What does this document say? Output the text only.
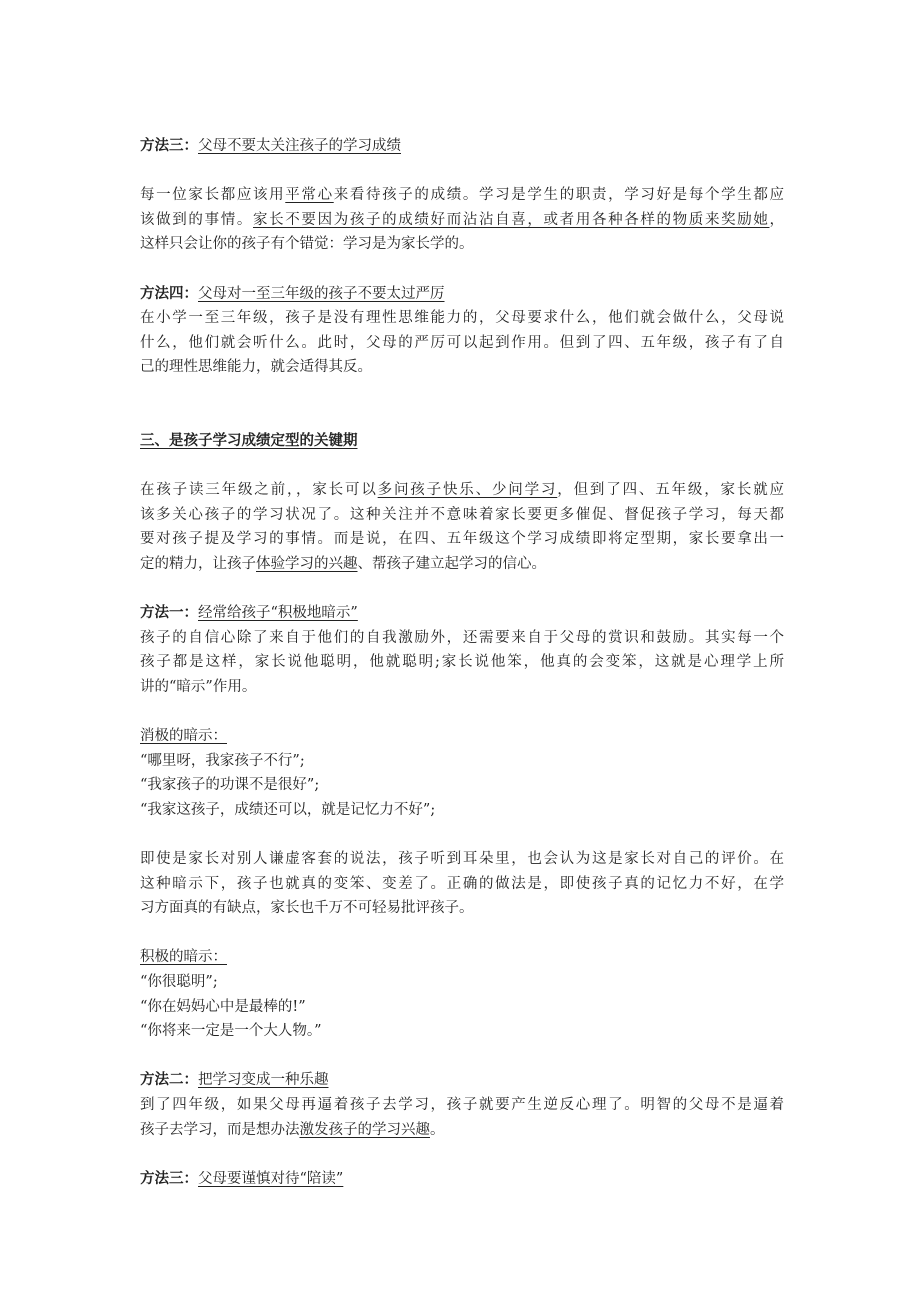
方法三：父母不要太关注孩子的学习成绩
每一位家长都应该用平常心来看待孩子的成绩。学习是学生的职责，学习好是每个学生都应
该做到的事情。家长不要因为孩子的成绩好而沾沾自喜，或者用各种各样的物质来奖励她，
这样只会让你的孩子有个错觉：学习是为家长学的。
方法四：父母对一至三年级的孩子不要太过严厉
在小学一至三年级，孩子是没有理性思维能力的，父母要求什么，他们就会做什么，父母说
什么，他们就会听什么。此时，父母的严厉可以起到作用。但到了四、五年级，孩子有了自
己的理性思维能力，就会适得其反。
三、是孩子学习成绩定型的关键期
在孩子读三年级之前，，家长可以多问孩子快乐、少问学习，但到了四、五年级，家长就应
该多关心孩子的学习状况了。这种关注并不意味着家长要更多催促、督促孩子学习，每天都
要对孩子提及学习的事情。而是说，在四、五年级这个学习成绩即将定型期，家长要拿出一
定的精力，让孩子体验学习的兴趣、帮孩子建立起学习的信心。
方法一：经常给孩子“积极地暗示”
孩子的自信心除了来自于他们的自我激励外，还需要来自于父母的赏识和鼓励。其实每一个
孩子都是这样，家长说他聪明，他就聪明;家长说他笨，他真的会变笨，这就是心理学上所
讲的“暗示”作用。
消极的暗示：
“哪里呀，我家孩子不行”;
“我家孩子的功课不是很好”;
“我家这孩子，成绩还可以，就是记忆力不好”;
即使是家长对别人谦虚客套的说法，孩子听到耳朵里，也会认为这是家长对自己的评价。在
这种暗示下，孩子也就真的变笨、变差了。正确的做法是，即使孩子真的记忆力不好，在学
习方面真的有缺点，家长也千万不可轻易批评孩子。
积极的暗示：
“你很聪明”;
“你在妈妈心中是最棒的!”
“你将来一定是一个大人物。”
方法二：把学习变成一种乐趣
到了四年级，如果父母再逼着孩子去学习，孩子就要产生逆反心理了。明智的父母不是逼着
孩子去学习，而是想办法激发孩子的学习兴趣。
方法三：父母要谨慎对待“陪读”
